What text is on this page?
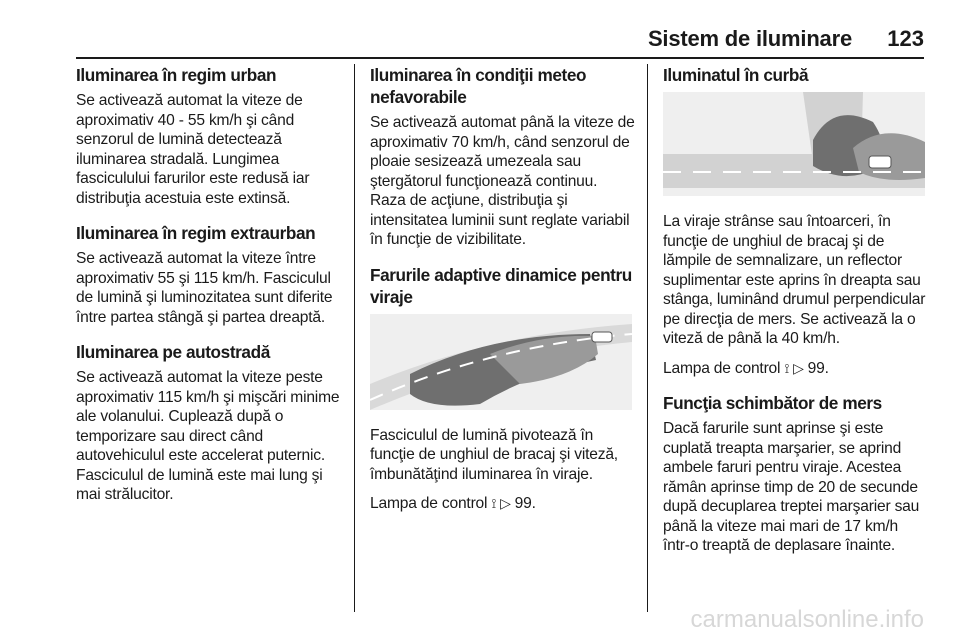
Sistem de iluminare 123
Iluminarea în regim urban

Se activează automat la viteze de aproximativ 40 - 55 km/h şi când senzorul de lumină detectează iluminarea stradală. Lungimea fasciculului farurilor este redusă iar distribuţia acestuia este extinsă.

Iluminarea în regim extraurban

Se activează automat la viteze între aproximativ 55 şi 115 km/h. Fasciculul de lumină şi luminozitatea sunt diferite între partea stângă şi partea dreaptă.

Iluminarea pe autostradă

Se activează automat la viteze peste aproximativ 115 km/h şi mişcări minime ale volanului. Cuplează după o temporizare sau direct când autovehiculul este accelerat puternic. Fasciculul de lumină este mai lung şi mai strălucitor.

Iluminarea în condiţii meteo nefavorabile

Se activează automat până la viteze de aproximativ 70 km/h, când senzorul de ploaie sesizează umezeala sau ştergătorul funcţionează continuu. Raza de acţiune, distribuţia şi intensitatea luminii sunt reglate variabil în funcţie de vizibilitate.

Farurile adaptive dinamice pentru viraje

Fasciculul de lumină pivotează în funcţie de unghiul de bracaj şi viteză, îmbunătăţind iluminarea în viraje.

Lampa de control ⟟ ▷ 99.

Iluminatul în curbă

La viraje strânse sau întoarceri, în funcţie de unghiul de bracaj şi de lămpile de semnalizare, un reflector suplimentar este aprins în dreapta sau stânga, luminând drumul perpendicular pe direcţia de mers. Se activează la o viteză de până la 40 km/h.

Lampa de control ⟟ ▷ 99.

Funcţia schimbător de mers

Dacă farurile sunt aprinse şi este cuplată treapta marşarier, se aprind ambele faruri pentru viraje. Acestea rămân aprinse timp de 20 de secunde după decuplarea treptei marşarier sau până la viteze mai mari de 17 km/h într-o treaptă de deplasare înainte.

carmanualsonline.info
